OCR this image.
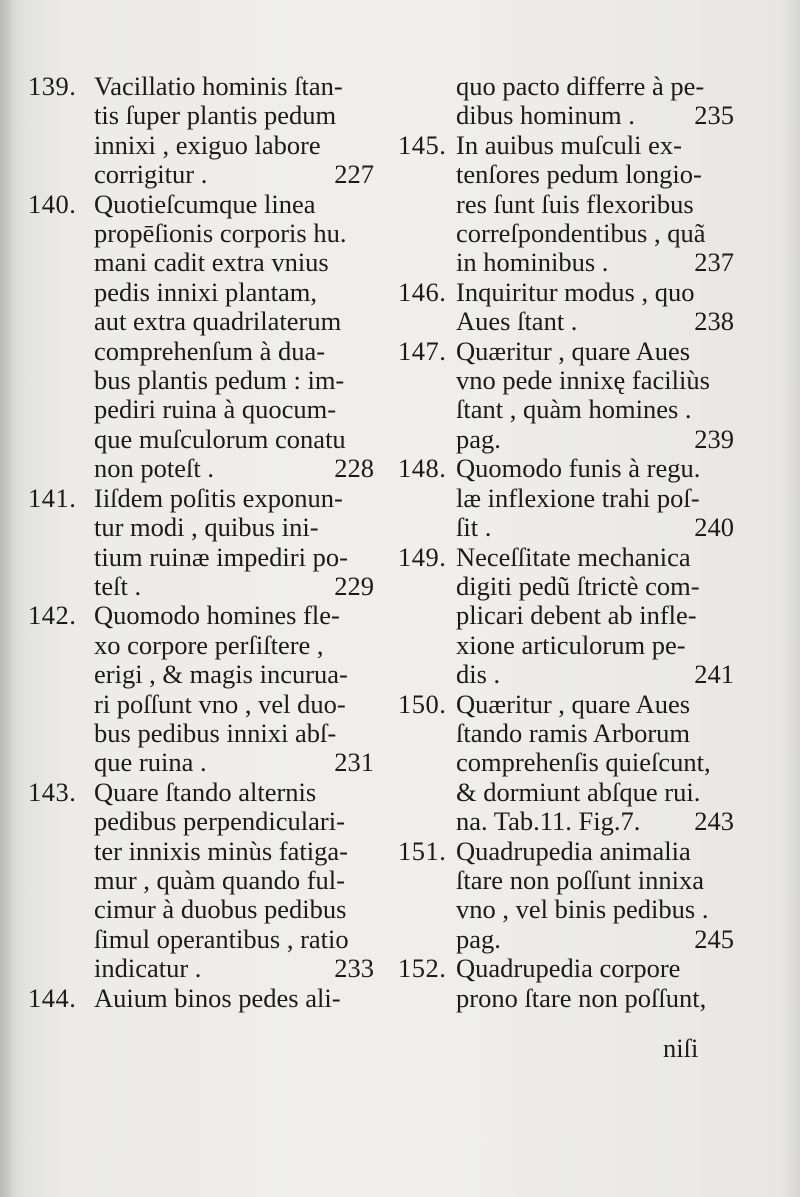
139. Vacillatio hominis ſtan-
tis ſuper plantis pedum
innixi , exiguo labore
corrigitur .	227
140. Quotieſcumque linea
propēſionis corporis hu.
mani cadit extra vnius
pedis innixi plantam,
aut extra quadrilaterum
comprehenſum à dua-
bus plantis pedum : im-
pediri ruina à quocum-
que muſculorum conatu
non poteſt .	228
141. Iiſdem poſitis exponun-
tur modi , quibus ini-
tium ruinæ impediri po-
teſt .	229
142. Quomodo homines fle-
xo corpore perſiſtere ,
erigi , & magis incurua-
ri poſſunt vno , vel duo-
bus pedibus innixi abſ-
que ruina .	231
143. Quare ſtando alternis
pedibus perpendiculari-
ter innixis minùs fatiga-
mur , quàm quando ful-
cimur à duobus pedibus
ſimul operantibus , ratio
indicatur .	233
144. Auium binos pedes ali-
quo pacto differre à pe-
dibus hominum . 235
145. In auibus muſculi ex-
tenſores pedum longio-
res ſunt ſuis flexoribus
correſpondentibus , quã
in hominibus .	237
146. Inquiritur modus , quo
Aues ſtant .	238
147. Quæritur , quare Aues
vno pede innixę faciliùs
ſtant , quàm homines .
pag.	239
148. Quomodo funis à regu.
læ inflexione trahi poſ-
ſit .	240
149. Neceſſitate mechanica
digiti pedũ ſtrictè com-
plicari debent ab infle-
xione articulorum pe-
dis .	241
150. Quæritur , quare Aues
ſtando ramis Arborum
comprehenſis quieſcunt,
& dormiunt abſque rui.
na. Tab.11. Fig.7. 243
151. Quadrupedia animalia
ſtare non poſſunt innixa
vno , vel binis pedibus .
pag.	245
152. Quadrupedia corpore
prono ſtare non poſſunt,
niſi
